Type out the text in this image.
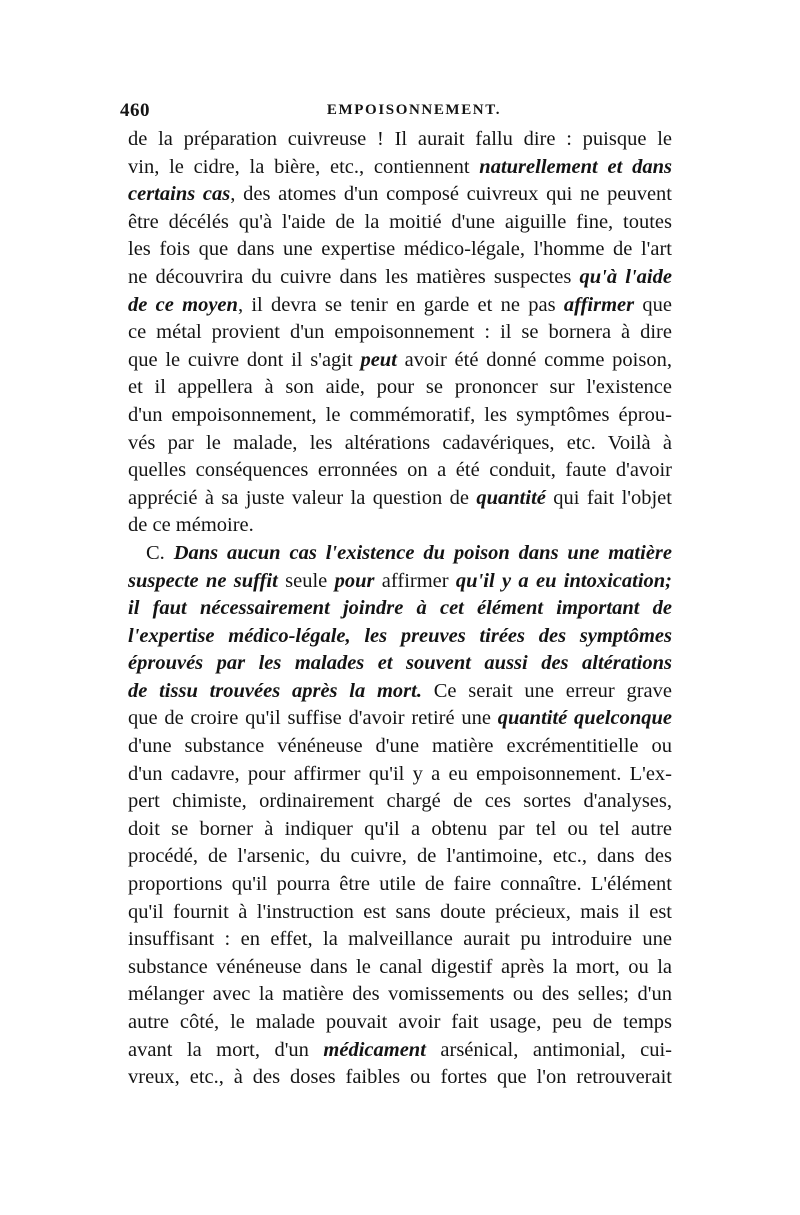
460	EMPOISONNEMENT.
de la préparation cuivreuse ! Il aurait fallu dire : puisque le
vin, le cidre, la bière, etc., contiennent naturellement et dans
certains cas, des atomes d'un composé cuivreux qui ne peuvent
être décélés qu'à l'aide de la moitié d'une aiguille fine, toutes
les fois que dans une expertise médico-légale, l'homme de l'art
ne découvrira du cuivre dans les matières suspectes qu'à l'aide
de ce moyen, il devra se tenir en garde et ne pas affirmer que
ce métal provient d'un empoisonnement : il se bornera à dire
que le cuivre dont il s'agit peut avoir été donné comme poison,
et il appellera à son aide, pour se prononcer sur l'existence
d'un empoisonnement, le commémoratif, les symptômes éprou-
vés par le malade, les altérations cadavériques, etc. Voilà à
quelles conséquences erronnées on a été conduit, faute d'avoir
apprécié à sa juste valeur la question de quantité qui fait l'objet
de ce mémoire.
C. Dans aucun cas l'existence du poison dans une matière
suspecte ne suffit seule pour affirmer qu'il y a eu intoxication;
il faut nécessairement joindre à cet élément important de
l'expertise médico-légale, les preuves tirées des symptômes
éprouvés par les malades et souvent aussi des altérations
de tissu trouvées après la mort. Ce serait une erreur grave
que de croire qu'il suffise d'avoir retiré une quantité quelconque
d'une substance vénéneuse d'une matière excrémentitielle ou
d'un cadavre, pour affirmer qu'il y a eu empoisonnement. L'ex-
pert chimiste, ordinairement chargé de ces sortes d'analyses,
doit se borner à indiquer qu'il a obtenu par tel ou tel autre
procédé, de l'arsenic, du cuivre, de l'antimoine, etc., dans des
proportions qu'il pourra être utile de faire connaître. L'élément
qu'il fournit à l'instruction est sans doute précieux, mais il est
insuffisant : en effet, la malveillance aurait pu introduire une
substance vénéneuse dans le canal digestif après la mort, ou la
mélanger avec la matière des vomissements ou des selles; d'un
autre côté, le malade pouvait avoir fait usage, peu de temps
avant la mort, d'un médicament arsénical, antimonial, cui-
vreux, etc., à des doses faibles ou fortes que l'on retrouverait
